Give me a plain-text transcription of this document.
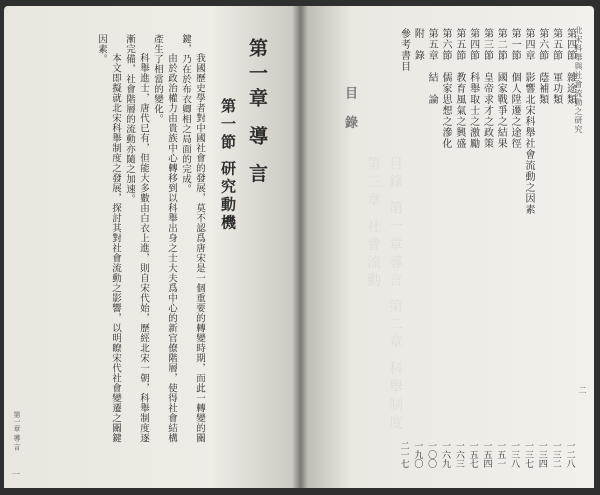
第一章 導 言
第一節 研究動機

我國歷史學者對中國社會的發展，莫不認爲唐宋是一個重要的轉變時期，而此一轉變的關鍵，乃在於布衣卿相之局面的完成。

由於政治權力由貴族中心轉移到以科舉出身之士大夫爲中心的新官僚階層，使得社會結構產生了相當的變化。

科舉進士，唐代已有，但能大多數由白衣上進，則自宋代始，歷經北宋一朝，科舉制度逐漸完備，社會階層的流動亦隨之加速。

本文即擬就北宋科舉制度之發展，探討其對社會流動之影響，以明瞭宋代社會變遷之關鍵因素。

第一章 導 言
一
北宋科舉與社會流動之研究
目錄 第一章導言 第二章 科舉制度 第三章 社會流動
目 錄
第四節　雜途類
一二八
第五節　軍功類
一三二
第六節　蔭補類
一三四
第四章　影響北宋科舉社會流動之因素
一三七
第一節　個人陞遷之途徑
一三八
第二節　國家戰爭之結果
一五一
第三節　皇帝求才之政策
一五四
第四節　科舉取士之激勵
一五七
第五節　教育風氣之興盛
一六三
第六節　儒家思想之滲化
一六九
第五章　結　論
一〇〇
附　錄
一九〇
參考書目
二一七
二
